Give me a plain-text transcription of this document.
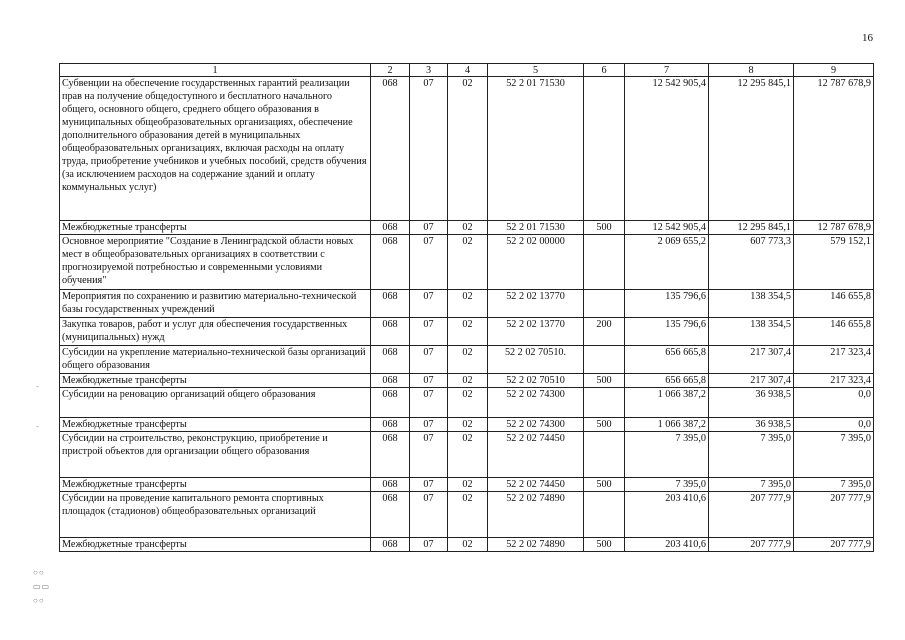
16
1	2	3	4	5	6	7	8	9
Субвенции на обеспечение государственных гарантий реализации прав на получение общедоступного и бесплатного начального общего, основного общего, среднего общего образования в муниципальных общеобразовательных организациях, обеспечение дополнительного образования детей в муниципальных общеобразовательных организациях, включая расходы на оплату труда, приобретение учебников и учебных пособий, средств обучения (за исключением расходов на содержание зданий и оплату коммунальных услуг)	068	07	02	52 2 01 71530		12 542 905,4	12 295 845,1	12 787 678,9
Межбюджетные трансферты	068	07	02	52 2 01 71530	500	12 542 905,4	12 295 845,1	12 787 678,9
Основное мероприятие "Создание в Ленинградской области новых мест в общеобразовательных организациях в соответствии с прогнозируемой потребностью и современными условиями обучения"	068	07	02	52 2 02 00000		2 069 655,2	607 773,3	579 152,1
Мероприятия по сохранению и развитию материально-технической базы государственных учреждений	068	07	02	52 2 02 13770		135 796,6	138 354,5	146 655,8
Закупка товаров, работ и услуг для обеспечения государственных (муниципальных) нужд	068	07	02	52 2 02 13770	200	135 796,6	138 354,5	146 655,8
Субсидии на укрепление материально-технической базы организаций общего образования	068	07	02	52 2 02 70510.		656 665,8	217 307,4	217 323,4
Межбюджетные трансферты	068	07	02	52 2 02 70510	500	656 665,8	217 307,4	217 323,4
Субсидии на реновацию организаций общего образования	068	07	02	52 2 02 74300		1 066 387,2	36 938,5	0,0
Межбюджетные трансферты	068	07	02	52 2 02 74300	500	1 066 387,2	36 938,5	0,0
Субсидии на строительство, реконструкцию, приобретение и пристрой объектов для организации общего образования	068	07	02	52 2 02 74450		7 395,0	7 395,0	7 395,0
Межбюджетные трансферты	068	07	02	52 2 02 74450	500	7 395,0	7 395,0	7 395,0
Субсидии на проведение капитального ремонта спортивных площадок (стадионов) общеобразовательных организаций	068	07	02	52 2 02 74890		203 410,6	207 777,9	207 777,9
Межбюджетные трансферты	068	07	02	52 2 02 74890	500	203 410,6	207 777,9	207 777,9
-
-
○○
▭▭
○○
